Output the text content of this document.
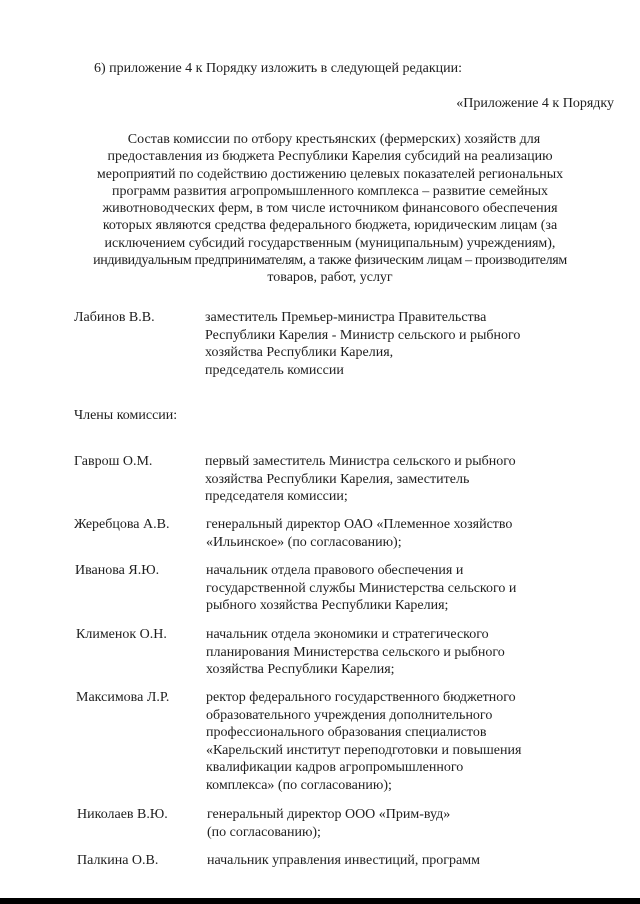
6) приложение 4 к Порядку изложить в следующей редакции:
«Приложение 4 к Порядку
Состав комиссии по отбору крестьянских (фермерских) хозяйств для
предоставления из бюджета Республики Карелия субсидий на реализацию
мероприятий по содействию достижению целевых показателей региональных
программ развития агропромышленного комплекса – развитие семейных
животноводческих ферм, в том числе источником финансового обеспечения
которых являются средства федерального бюджета, юридическим лицам (за
исключением субсидий государственным (муниципальным) учреждениям),
индивидуальным предпринимателям, а также физическим лицам – производителям
товаров, работ, услуг
Лабинов В.В.	заместитель Премьер-министра Правительства
Республики Карелия - Министр сельского и рыбного
хозяйства Республики Карелия,
председатель комиссии
Члены комиссии:
Гаврош О.М.	первый заместитель Министра сельского и рыбного
хозяйства Республики Карелия, заместитель
председателя комиссии;
Жеребцова А.В.	генеральный директор ОАО «Племенное хозяйство
«Ильинское» (по согласованию);
Иванова Я.Ю.	начальник отдела правового обеспечения и
государственной службы Министерства сельского и
рыбного хозяйства Республики Карелия;
Клименок О.Н.	начальник отдела экономики и стратегического
планирования Министерства сельского и рыбного
хозяйства Республики Карелия;
Максимова Л.Р.	ректор федерального государственного бюджетного
образовательного учреждения дополнительного
профессионального образования специалистов
«Карельский институт переподготовки и повышения
квалификации кадров агропромышленного
комплекса» (по согласованию);
Николаев В.Ю.	генеральный директор ООО «Прим-вуд»
(по согласованию);
Палкина О.В.	начальник управления инвестиций, программ
